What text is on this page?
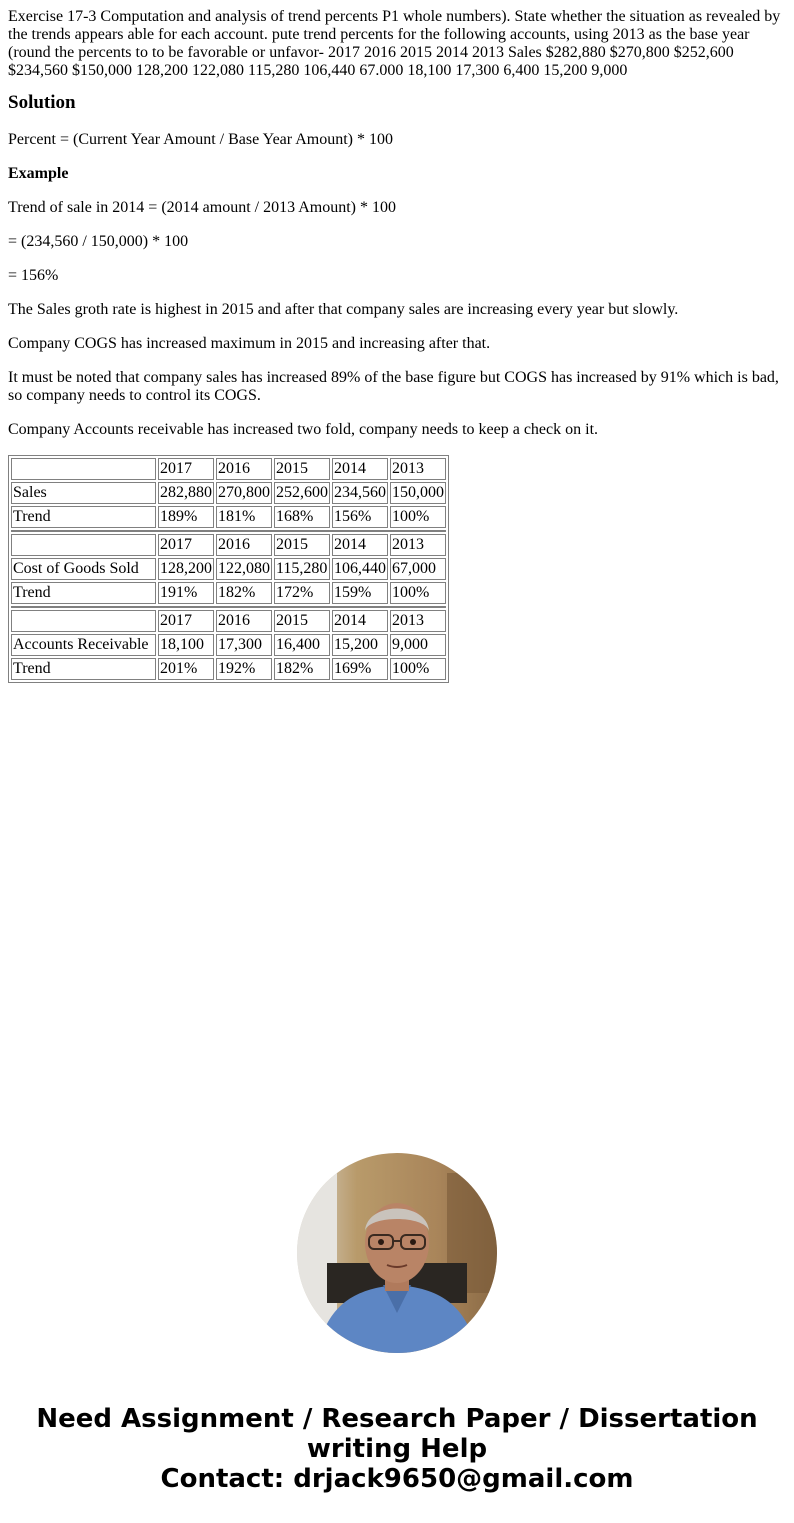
Exercise 17-3 Computation and analysis of trend percents P1 whole numbers). State whether the situation as revealed by the trends appears able for each account. pute trend percents for the following accounts, using 2013 as the base year (round the percents to to be favorable or unfavor- 2017 2016 2015 2014 2013 Sales $282,880 $270,800 $252,600 $234,560 $150,000 128,200 122,080 115,280 106,440 67.000 18,100 17,300 6,400 15,200 9,000

Solution

Percent = (Current Year Amount / Base Year Amount) * 100

Example

Trend of sale in 2014 = (2014 amount / 2013 Amount) * 100

= (234,560 / 150,000) * 100

= 156%

The Sales groth rate is highest in 2015 and after that company sales are increasing every year but slowly.

Company COGS has increased maximum in 2015 and increasing after that.

It must be noted that company sales has increased 89% of the base figure but COGS has increased by 91% which is bad, so company needs to control its COGS.

Company Accounts receivable has increased two fold, company needs to keep a check on it.

	2017	2016	2015	2014	2013
Sales	282,880	270,800	252,600	234,560	150,000
Trend	189%	181%	168%	156%	100%

	2017	2016	2015	2014	2013
Cost of Goods Sold	128,200	122,080	115,280	106,440	67,000
Trend	191%	182%	172%	159%	100%

	2017	2016	2015	2014	2013
Accounts Receivable	18,100	17,300	16,400	15,200	9,000
Trend	201%	192%	182%	169%	100%
Need Assignment / Research Paper / Dissertation
writing Help
Contact: drjack9650@gmail.com
